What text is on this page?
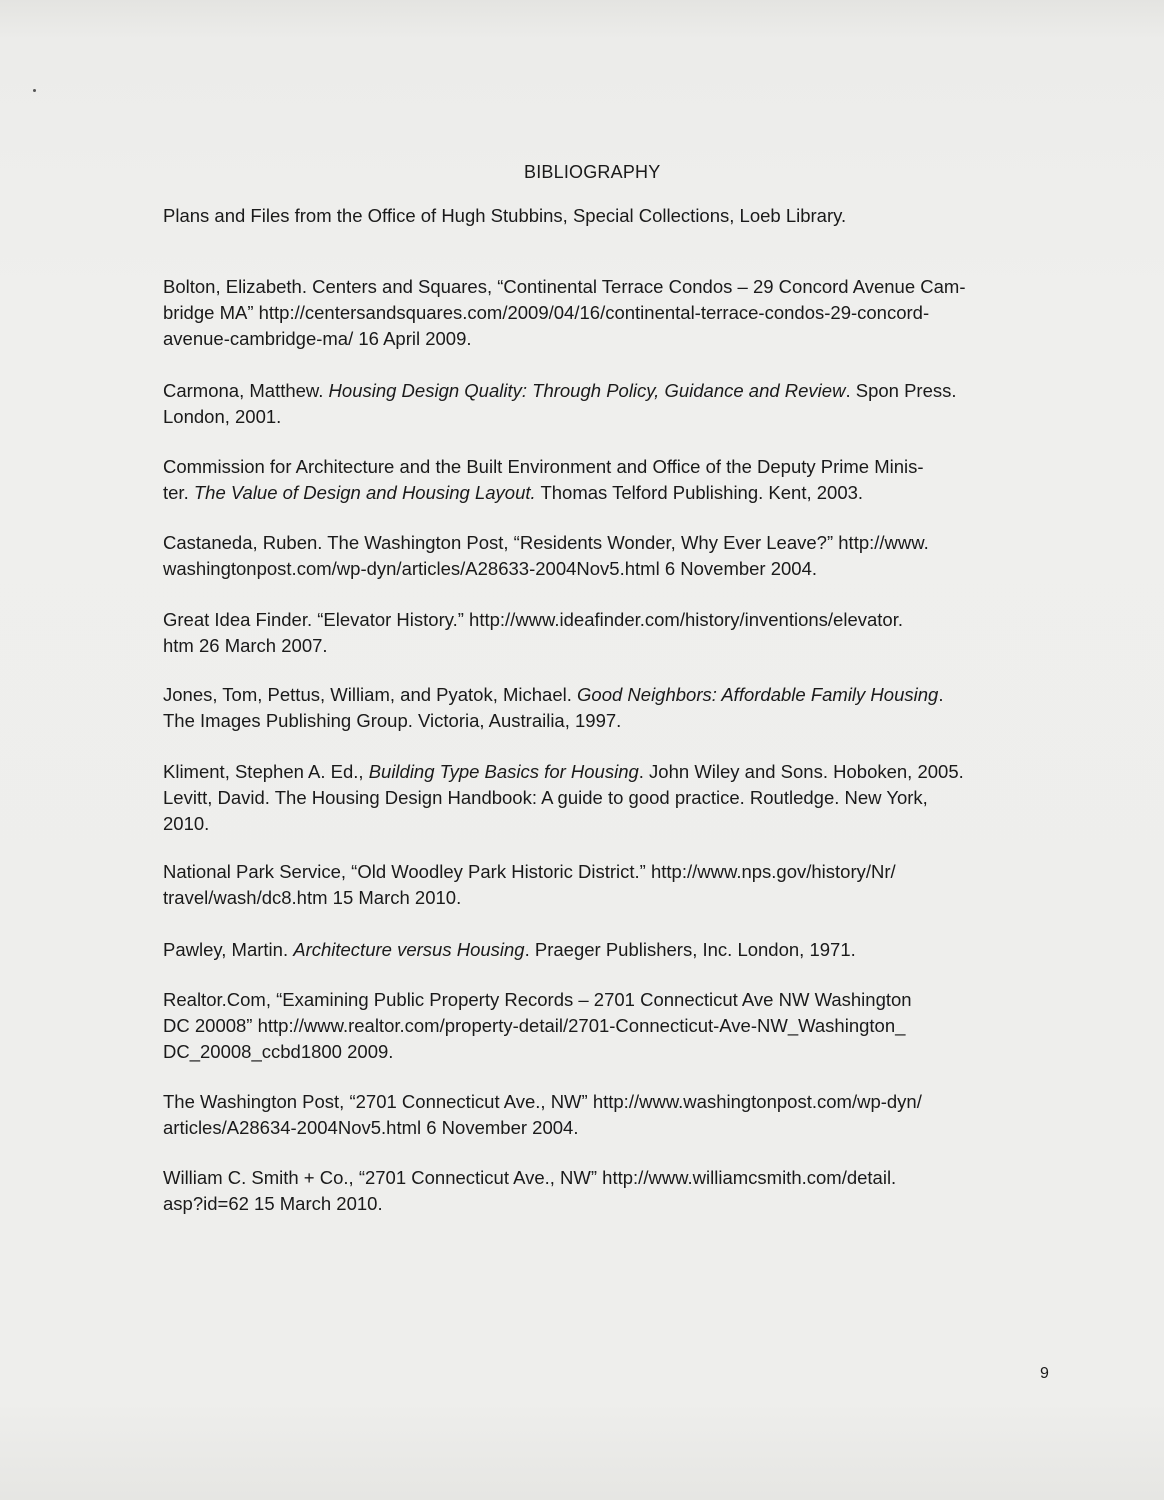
BIBLIOGRAPHY
Plans and Files from the Office of Hugh Stubbins, Special Collections, Loeb Library.
Bolton, Elizabeth. Centers and Squares, “Continental Terrace Condos – 29 Concord Avenue Cam-
bridge MA” http://centersandsquares.com/2009/04/16/continental-terrace-condos-29-concord-
avenue-cambridge-ma/ 16 April 2009.
Carmona, Matthew. Housing Design Quality: Through Policy, Guidance and Review. Spon Press.
London, 2001.
Commission for Architecture and the Built Environment and Office of the Deputy Prime Minis-
ter. The Value of Design and Housing Layout. Thomas Telford Publishing. Kent, 2003.
Castaneda, Ruben. The Washington Post, “Residents Wonder, Why Ever Leave?” http://www.
washingtonpost.com/wp-dyn/articles/A28633-2004Nov5.html 6 November 2004.
Great Idea Finder. “Elevator History.” http://www.ideafinder.com/history/inventions/elevator.
htm 26 March 2007.
Jones, Tom, Pettus, William, and Pyatok, Michael. Good Neighbors: Affordable Family Housing.
The Images Publishing Group. Victoria, Austrailia, 1997.
Kliment, Stephen A. Ed., Building Type Basics for Housing. John Wiley and Sons. Hoboken, 2005.
Levitt, David. The Housing Design Handbook: A guide to good practice. Routledge. New York,
2010.
National Park Service, “Old Woodley Park Historic District.” http://www.nps.gov/history/Nr/
travel/wash/dc8.htm 15 March 2010.
Pawley, Martin. Architecture versus Housing. Praeger Publishers, Inc. London, 1971.
Realtor.Com, “Examining Public Property Records – 2701 Connecticut Ave NW Washington
DC 20008” http://www.realtor.com/property-detail/2701-Connecticut-Ave-NW_Washington_
DC_20008_ccbd1800 2009.
The Washington Post, “2701 Connecticut Ave., NW” http://www.washingtonpost.com/wp-dyn/
articles/A28634-2004Nov5.html 6 November 2004.
William C. Smith + Co., “2701 Connecticut Ave., NW” http://www.williamcsmith.com/detail.
asp?id=62 15 March 2010.
9
